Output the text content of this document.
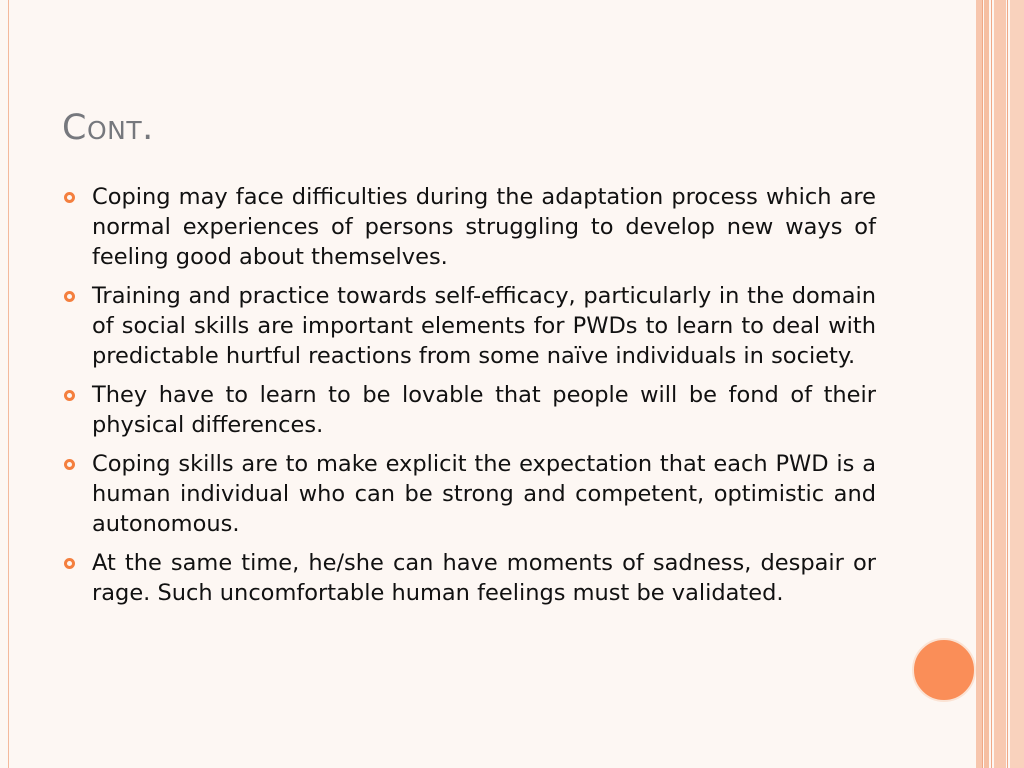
Cont.
Coping may face difficulties during the adaptation process which are normal experiences of persons struggling to develop new ways of feeling good about themselves.
Training and practice towards self-efficacy, particularly in the domain of social skills are important elements for PWDs to learn to deal with predictable hurtful reactions from some naïve individuals in society.
They have to learn to be lovable that people will be fond of their physical differences.
Coping skills are to make explicit the expectation that each PWD is a human individual who can be strong and competent, optimistic and autonomous.
At the same time, he/she can have moments of sadness, despair or rage. Such uncomfortable human feelings must be validated.
